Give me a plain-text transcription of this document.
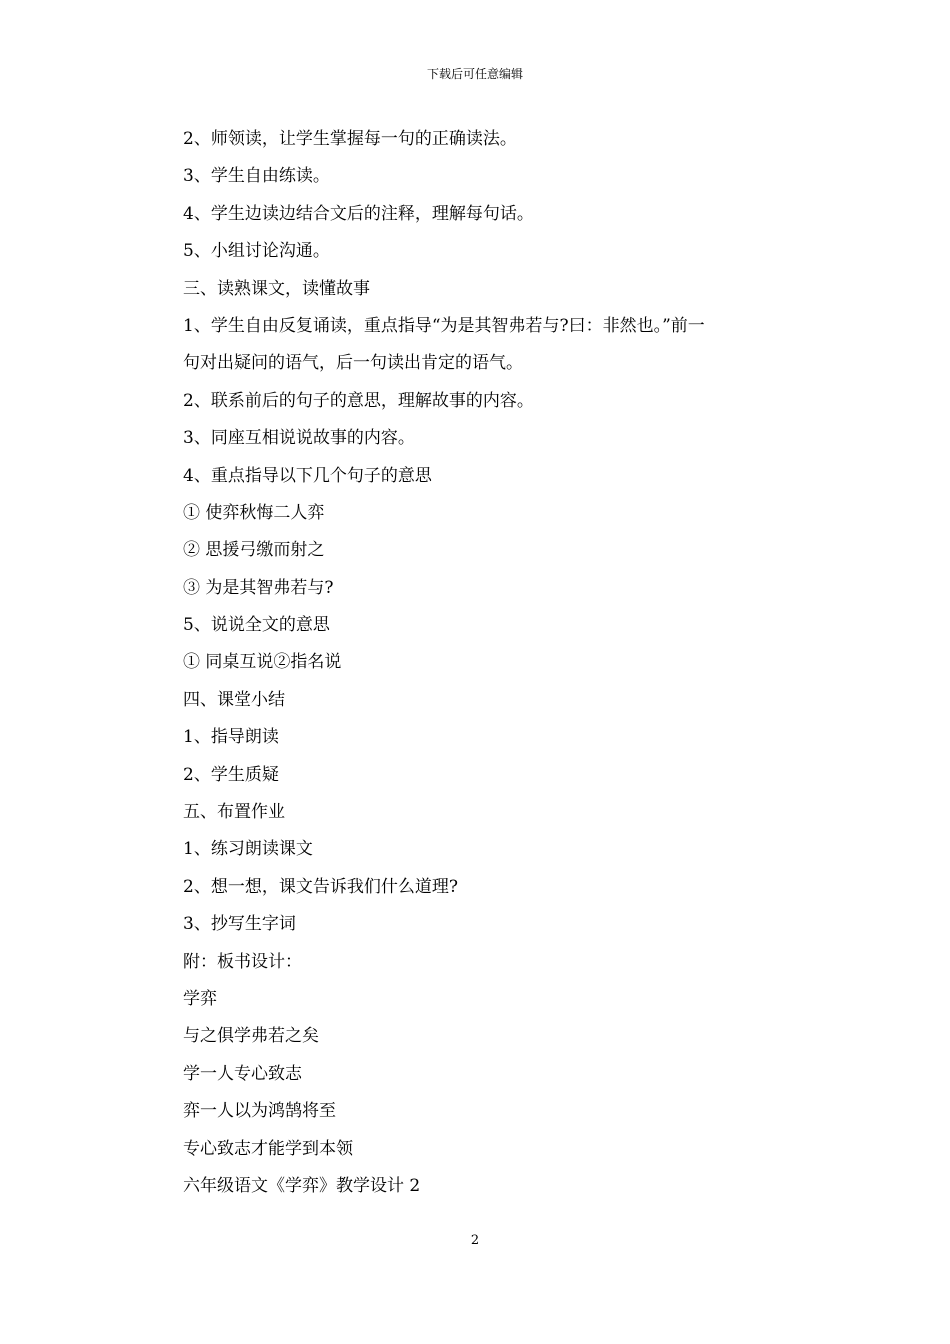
下载后可任意编辑
2、师领读，让学生掌握每一句的正确读法。
3、学生自由练读。
4、学生边读边结合文后的注释，理解每句话。
5、小组讨论沟通。
三、读熟课文，读懂故事
1、学生自由反复诵读，重点指导“为是其智弗若与?曰：非然也。”前一
句对出疑问的语气，后一句读出肯定的语气。
2、联系前后的句子的意思，理解故事的内容。
3、同座互相说说故事的内容。
4、重点指导以下几个句子的意思
① 使弈秋悔二人弈
② 思援弓缴而射之
③ 为是其智弗若与?
5、说说全文的意思
① 同桌互说②指名说
四、课堂小结
1、指导朗读
2、学生质疑
五、布置作业
1、练习朗读课文
2、想一想，课文告诉我们什么道理?
3、抄写生字词
附：板书设计：
学弈
与之俱学弗若之矣
学一人专心致志
弈一人以为鸿鹄将至
专心致志才能学到本领
六年级语文《学弈》教学设计 2
2
